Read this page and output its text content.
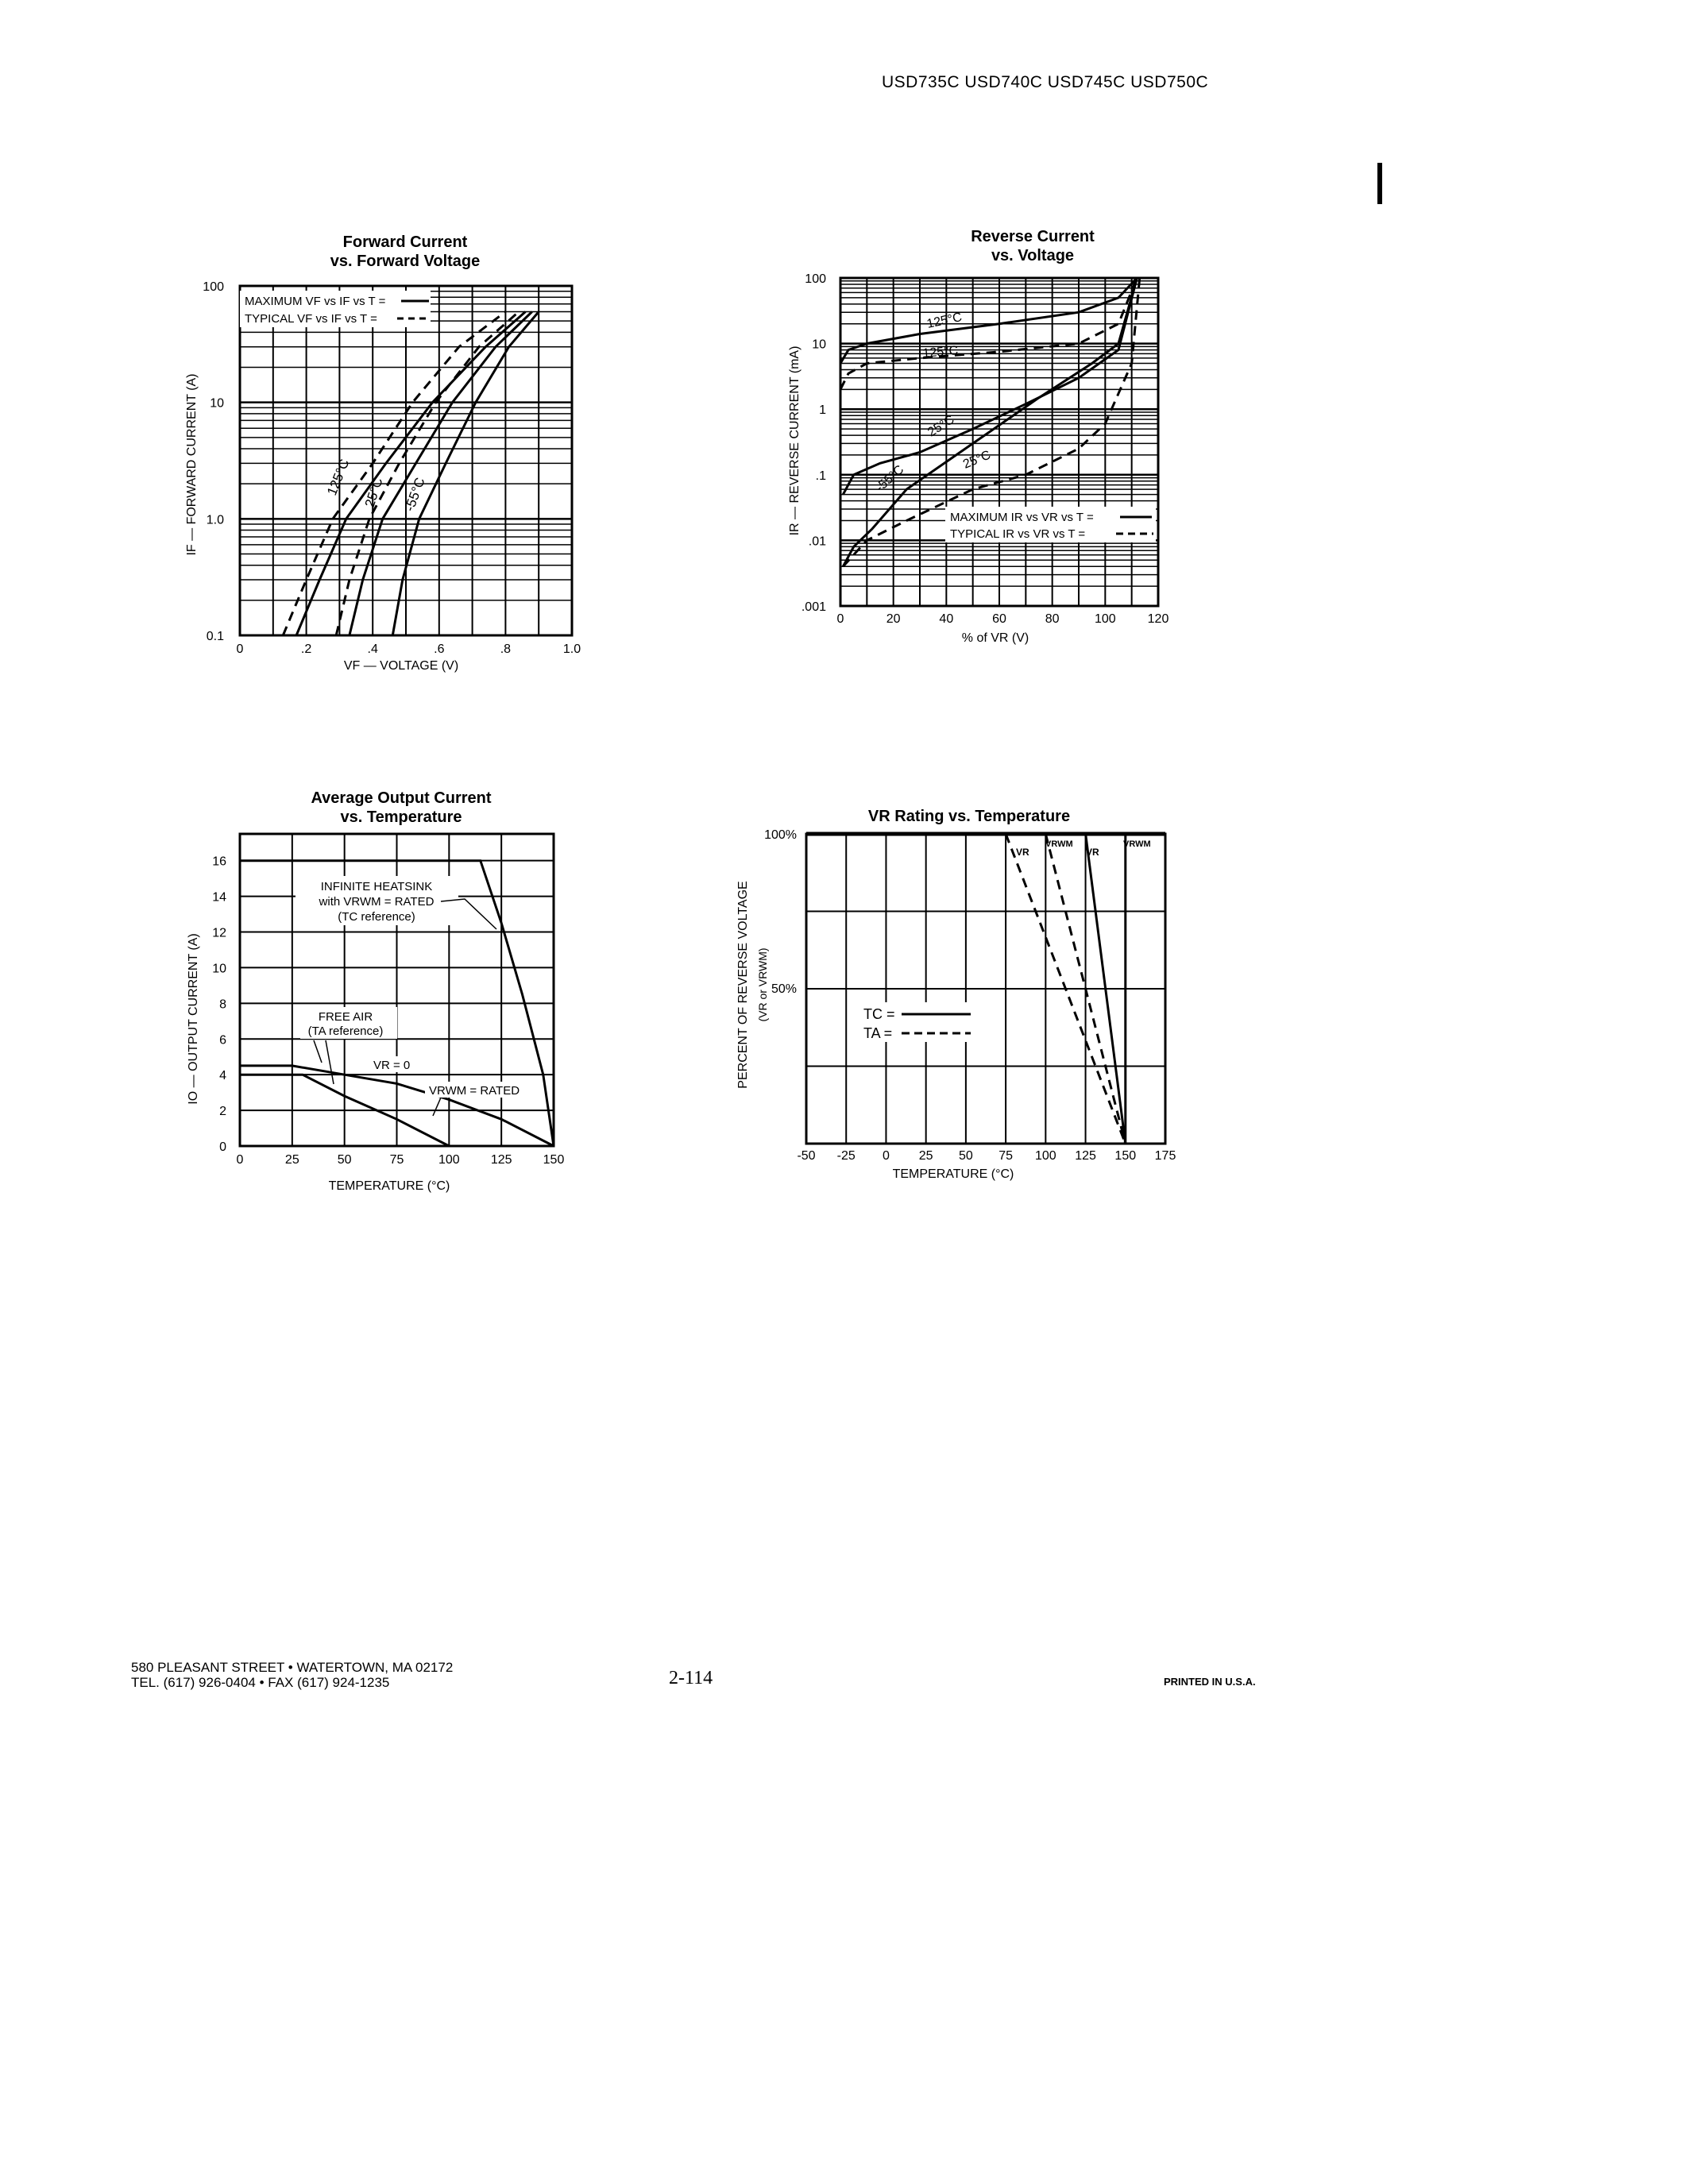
USD735C USD740C USD745C USD750C
Forward Current
vs. Forward Voltage
Reverse Current
vs. Voltage
Average Output Current
vs. Temperature	VR Rating vs. Temperature
0	.2	.4	.6	.8	1.0
0.1
1.0
10
100
MAXIMUM VF vs IF vs T =
TYPICAL VF vs IF vs T =
125°C 25°C -55°C
VF — VOLTAGE (V)
IF — FORWARD CURRENT (A)
0	20	40	60	80	100 120
.001
.01
.1
1
10
100
MAXIMUM IR vs VR vs T =
TYPICAL IR vs VR vs T =
125°C
125°C
25°C
25°C
-55°C
% of VR (V)
IR — REVERSE CURRENT (mA)
0	25	50	75	100 125 150
0
2
4
6
8
10
12
14
16
INFINITE HEATSINK
with VRWM = RATED
(TC reference)
FREE AIR
(TA reference)
VR = 0
VRWM = RATED
TEMPERATURE (°C)
IO — OUTPUT CURRENT (A)
-50 -25 0 25 50 75 100 125 150 175
100%
50%
PERCENT OF REVERSE VOLTAGE (VR or VRWM)	TC =
TA =
VR
VRWM
VR
VRWM
TEMPERATURE (°C)
580 PLEASANT STREET • WATERTOWN, MA 02172
TEL. (617) 926-0404 • FAX (617) 924-1235	2-114	PRINTED IN U.S.A.
